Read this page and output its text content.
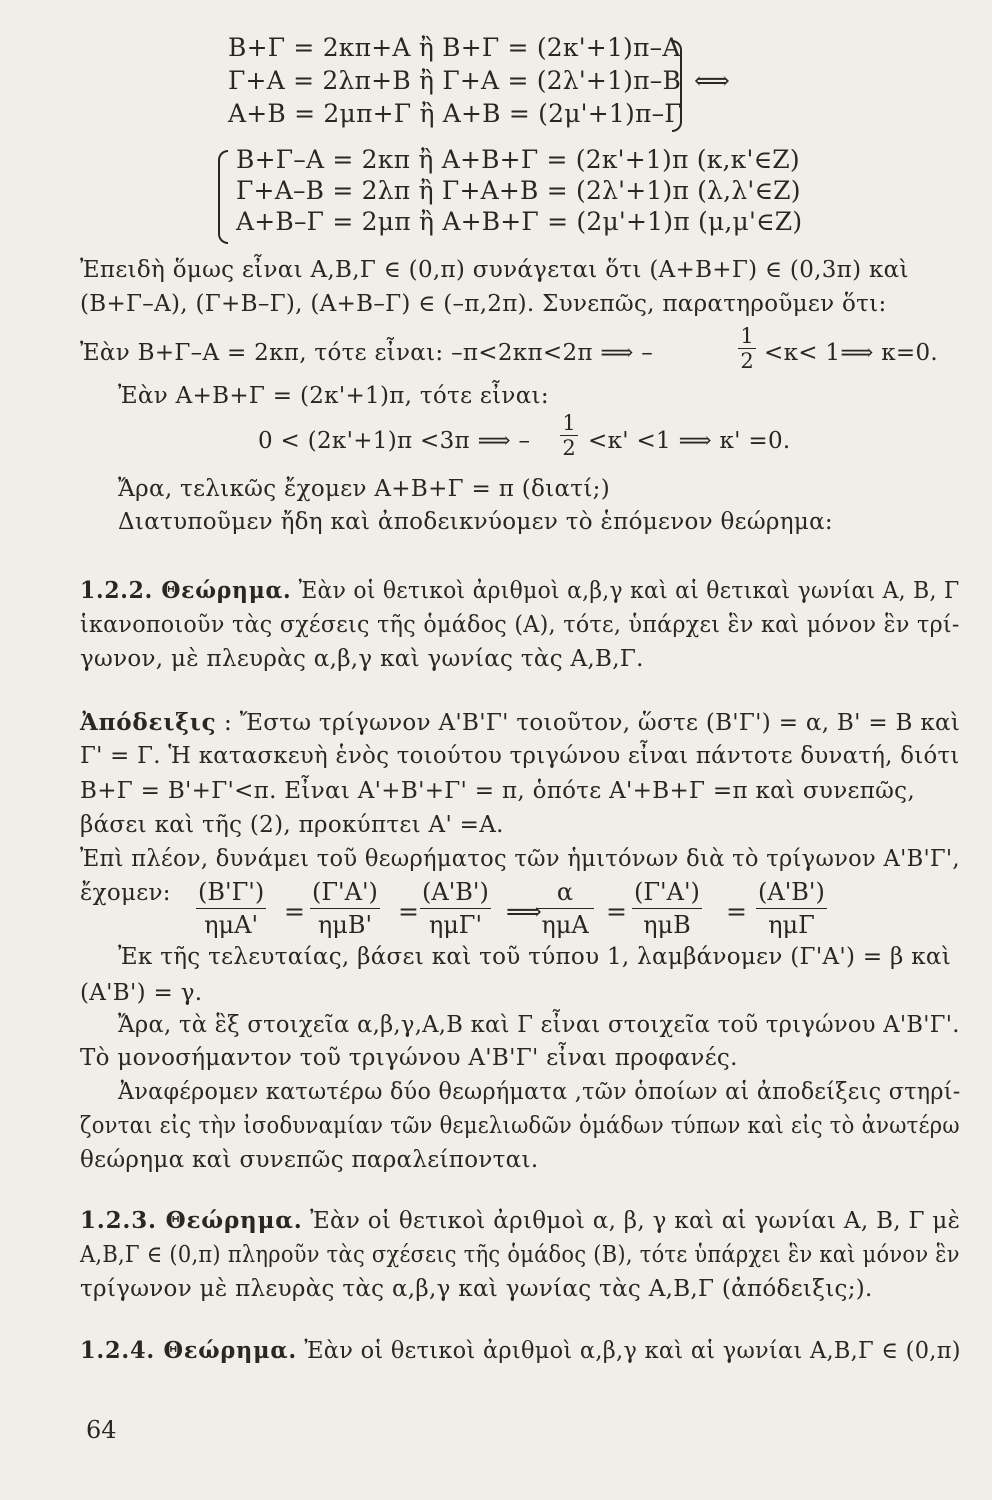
Β+Γ = 2κπ+Α ἢ Β+Γ = (2κ'+1)π–Α
Γ+Α = 2λπ+Β ἢ Γ+Α = (2λ'+1)π–Β
Α+Β = 2μπ+Γ ἢ Α+Β = (2μ'+1)π–Γ
⟺
Β+Γ–Α = 2κπ ἢ Α+Β+Γ = (2κ'+1)π (κ,κ'∈Z)
Γ+Α–Β = 2λπ ἢ Γ+Α+Β = (2λ'+1)π (λ,λ'∈Z)
Α+Β–Γ = 2μπ ἢ Α+Β+Γ = (2μ'+1)π (μ,μ'∈Z)
Ἐπειδὴ ὅμως εἶναι Α,Β,Γ ∈ (0,π) συνάγεται ὅτι (Α+Β+Γ) ∈ (0,3π) καὶ
(Β+Γ–Α), (Γ+Β–Γ), (Α+Β–Γ) ∈ (–π,2π). Συνεπῶς, παρατηροῦμεν ὅτι:
Ἐὰν Β+Γ–Α = 2κπ, τότε εἶναι: –π<2κπ<2π ⟹ –	$\frac{1}{2} <\kappa<$ 1⟹ κ=0.
Ἐὰν Α+Β+Γ = (2κ'+1)π, τότε εἶναι:
0 < (2κ'+1)π <3π ⟹ – $\frac{1}{2} <\kappa' <1$ ⟹ κ' =0.
Ἄρα, τελικῶς ἔχομεν Α+Β+Γ = π (διατί;)
Διατυποῦμεν ἤδη καὶ ἀποδεικνύομεν τὸ ἑπόμενον θεώρημα:
1.2.2. Θεώρημα. Ἐὰν οἱ θετικοὶ ἀριθμοὶ α,β,γ καὶ αἱ θετικαὶ γωνίαι Α, Β, Γ
ἱκανοποιοῦν τὰς σχέσεις τῆς ὁμάδος (Α), τότε, ὑπάρχει ἓν καὶ μόνον ἓν τρί-
γωνον, μὲ πλευρὰς α,β,γ καὶ γωνίας τὰς Α,Β,Γ.
Ἀπόδειξις : Ἔστω τρίγωνον Α'Β'Γ' τοιοῦτον, ὥστε (Β'Γ') = α, Β' = Β καὶ
Γ' = Γ. Ἡ κατασκευὴ ἑνὸς τοιούτου τριγώνου εἶναι πάντοτε δυνατή, διότι
Β+Γ = Β'+Γ'<π. Εἶναι Α'+Β'+Γ' = π, ὁπότε Α'+Β+Γ =π καὶ συνεπῶς,
βάσει καὶ τῆς (2), προκύπτει Α' =Α.
Ἐπὶ πλέον, δυνάμει τοῦ θεωρήματος τῶν ἡμιτόνων διὰ τὸ τρίγωνον Α'Β'Γ',
ἔχομεν: (Β'Γ')
ημΑ'	=
(Γ'Α')
ημΒ'	=
(Α'Β')
ημΓ' ⟹
α
ημΑ =
(Γ'Α')
ημΒ	=
(Α'Β')
ημΓ
Ἐκ τῆς τελευταίας, βάσει καὶ τοῦ τύπου 1, λαμβάνομεν (Γ'Α') = β καὶ
(Α'Β') = γ.
Ἄρα, τὰ ἓξ στοιχεῖα α,β,γ,Α,Β καὶ Γ εἶναι στοιχεῖα τοῦ τριγώνου Α'Β'Γ'.
Τὸ μονοσήμαντον τοῦ τριγώνου Α'Β'Γ' εἶναι προφανές.
Ἀναφέρομεν κατωτέρω δύο θεωρήματα ,τῶν ὁποίων αἱ ἀποδείξεις στηρί-
ζονται εἰς τὴν ἰσοδυναμίαν τῶν θεμελιωδῶν ὁμάδων τύπων καὶ εἰς τὸ ἀνωτέρω
θεώρημα καὶ συνεπῶς παραλείπονται.
1.2.3. Θεώρημα. Ἐὰν οἱ θετικοὶ ἀριθμοὶ α, β, γ καὶ αἱ γωνίαι Α, Β, Γ μὲ
Α,Β,Γ ∈ (0,π) πληροῦν τὰς σχέσεις τῆς ὁμάδος (Β), τότε ὑπάρχει ἓν καὶ μόνον ἓν
τρίγωνον μὲ πλευρὰς τὰς α,β,γ καὶ γωνίας τὰς Α,Β,Γ (ἀπόδειξις;).
1.2.4. Θεώρημα. Ἐὰν οἱ θετικοὶ ἀριθμοὶ α,β,γ καὶ αἱ γωνίαι Α,Β,Γ ∈ (0,π)
64
